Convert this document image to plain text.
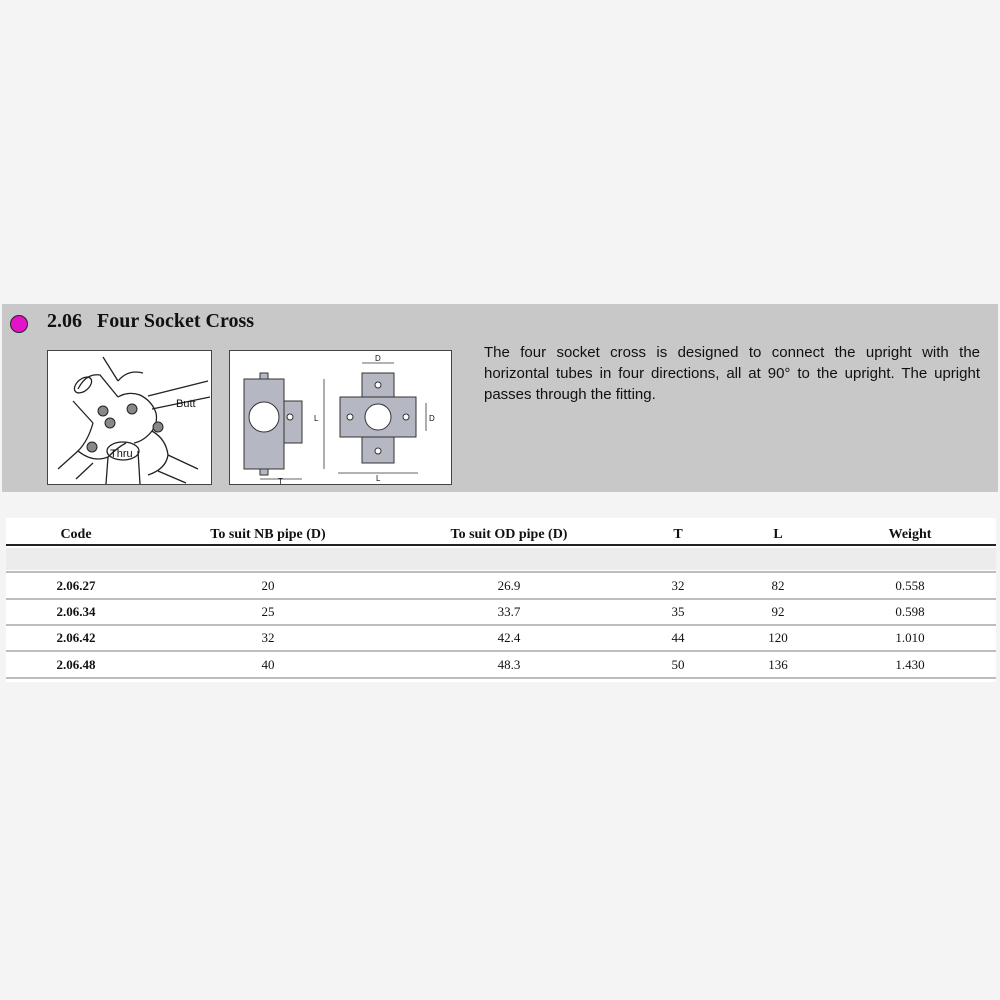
2.06 Four Socket Cross
Butt
Thru
D
D
L
L
T
The four socket cross is designed to connect the upright with the horizontal tubes in four directions, all at 90° to the upright. The upright passes through the fitting.
Code	To suit NB pipe (D)	To suit OD pipe (D)	T	L	Weight
2.06.27	20	26.9	32	82	0.558
2.06.34	25	33.7	35	92	0.598
2.06.42	32	42.4	44	120	1.010
2.06.48	40	48.3	50	136	1.430
